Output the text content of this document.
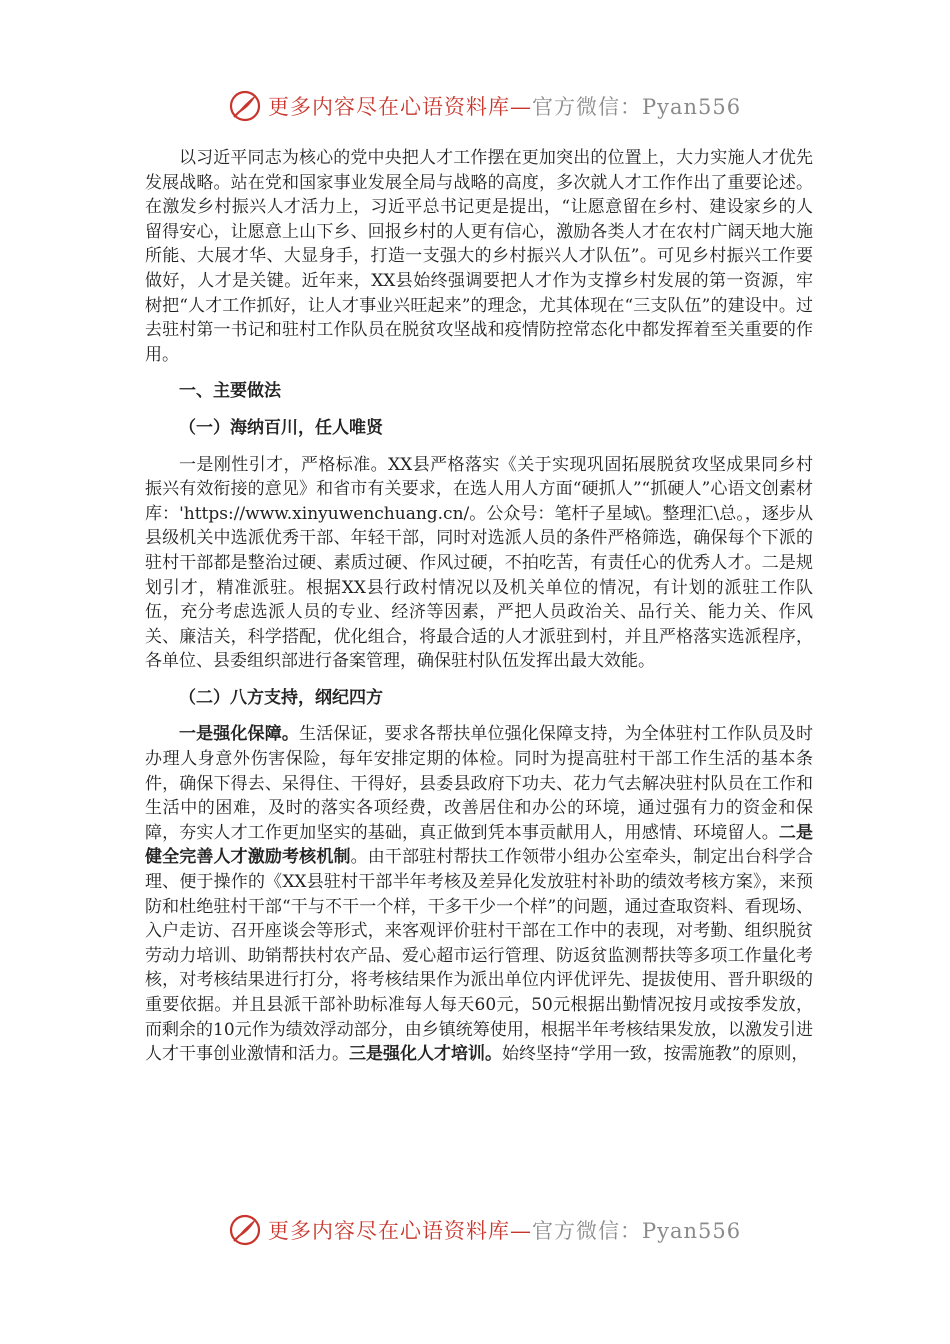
更多内容尽在心语资料库—官方微信：Pyan556

以习近平同志为核心的党中央把人才工作摆在更加突出的位置上，大力实施人才优先发展战略。站在党和国家事业发展全局与战略的高度，多次就人才工作作出了重要论述。在激发乡村振兴人才活力上，习近平总书记更是提出，“让愿意留在乡村、建设家乡的人留得安心，让愿意上山下乡、回报乡村的人更有信心，激励各类人才在农村广阔天地大施所能、大展才华、大显身手，打造一支强大的乡村振兴人才队伍”。可见乡村振兴工作要做好，人才是关键。近年来，XX县始终强调要把人才作为支撑乡村发展的第一资源，牢树把“人才工作抓好，让人才事业兴旺起来”的理念，尤其体现在“三支队伍”的建设中。过去驻村第一书记和驻村工作队员在脱贫攻坚战和疫情防控常态化中都发挥着至关重要的作用。

一、主要做法
（一）海纳百川，任人唯贤

一是刚性引才，严格标准。XX县严格落实《关于实现巩固拓展脱贫攻坚成果同乡村振兴有效衔接的意见》和省市有关要求，在选人用人方面“硬抓人”“抓硬人”心语文创素材库：'https://www.xinyuwenchuang.cn/。公众号：笔杆子星域\。整理汇\总。，逐步从县级机关中选派优秀干部、年轻干部，同时对选派人员的条件严格筛选，确保每个下派的驻村干部都是整治过硬、素质过硬、作风过硬，不拍吃苦，有责任心的优秀人才。二是规划引才，精准派驻。根据XX县行政村情况以及机关单位的情况，有计划的派驻工作队伍，充分考虑选派人员的专业、经济等因素，严把人员政治关、品行关、能力关、作风关、廉洁关，科学搭配，优化组合，将最合适的人才派驻到村，并且严格落实选派程序，各单位、县委组织部进行备案管理，确保驻村队伍发挥出最大效能。

（二）八方支持，纲纪四方

一是强化保障。生活保证，要求各帮扶单位强化保障支持，为全体驻村工作队员及时办理人身意外伤害保险，每年安排定期的体检。同时为提高驻村干部工作生活的基本条件，确保下得去、呆得住、干得好，县委县政府下功夫、花力气去解决驻村队员在工作和生活中的困难，及时的落实各项经费，改善居住和办公的环境，通过强有力的资金和保障，夯实人才工作更加坚实的基础，真正做到凭本事贡献用人，用感情、环境留人。二是健全完善人才激励考核机制。由干部驻村帮扶工作领带小组办公室牵头，制定出台科学合理、便于操作的《XX县驻村干部半年考核及差异化发放驻村补助的绩效考核方案》，来预防和杜绝驻村干部“干与不干一个样，干多干少一个样”的问题，通过查取资料、看现场、入户走访、召开座谈会等形式，来客观评价驻村干部在工作中的表现，对考勤、组织脱贫劳动力培训、助销帮扶村农产品、爱心超市运行管理、防返贫监测帮扶等多项工作量化考核，对考核结果进行打分，将考核结果作为派出单位内评优评先、提拔使用、晋升职级的重要依据。并且县派干部补助标准每人每天60元，50元根据出勤情况按月或按季发放，而剩余的10元作为绩效浮动部分，由乡镇统筹使用，根据半年考核结果发放，以激发引进人才干事创业激情和活力。三是强化人才培训。始终坚持“学用一致，按需施教”的原则，

更多内容尽在心语资料库—官方微信：Pyan556
